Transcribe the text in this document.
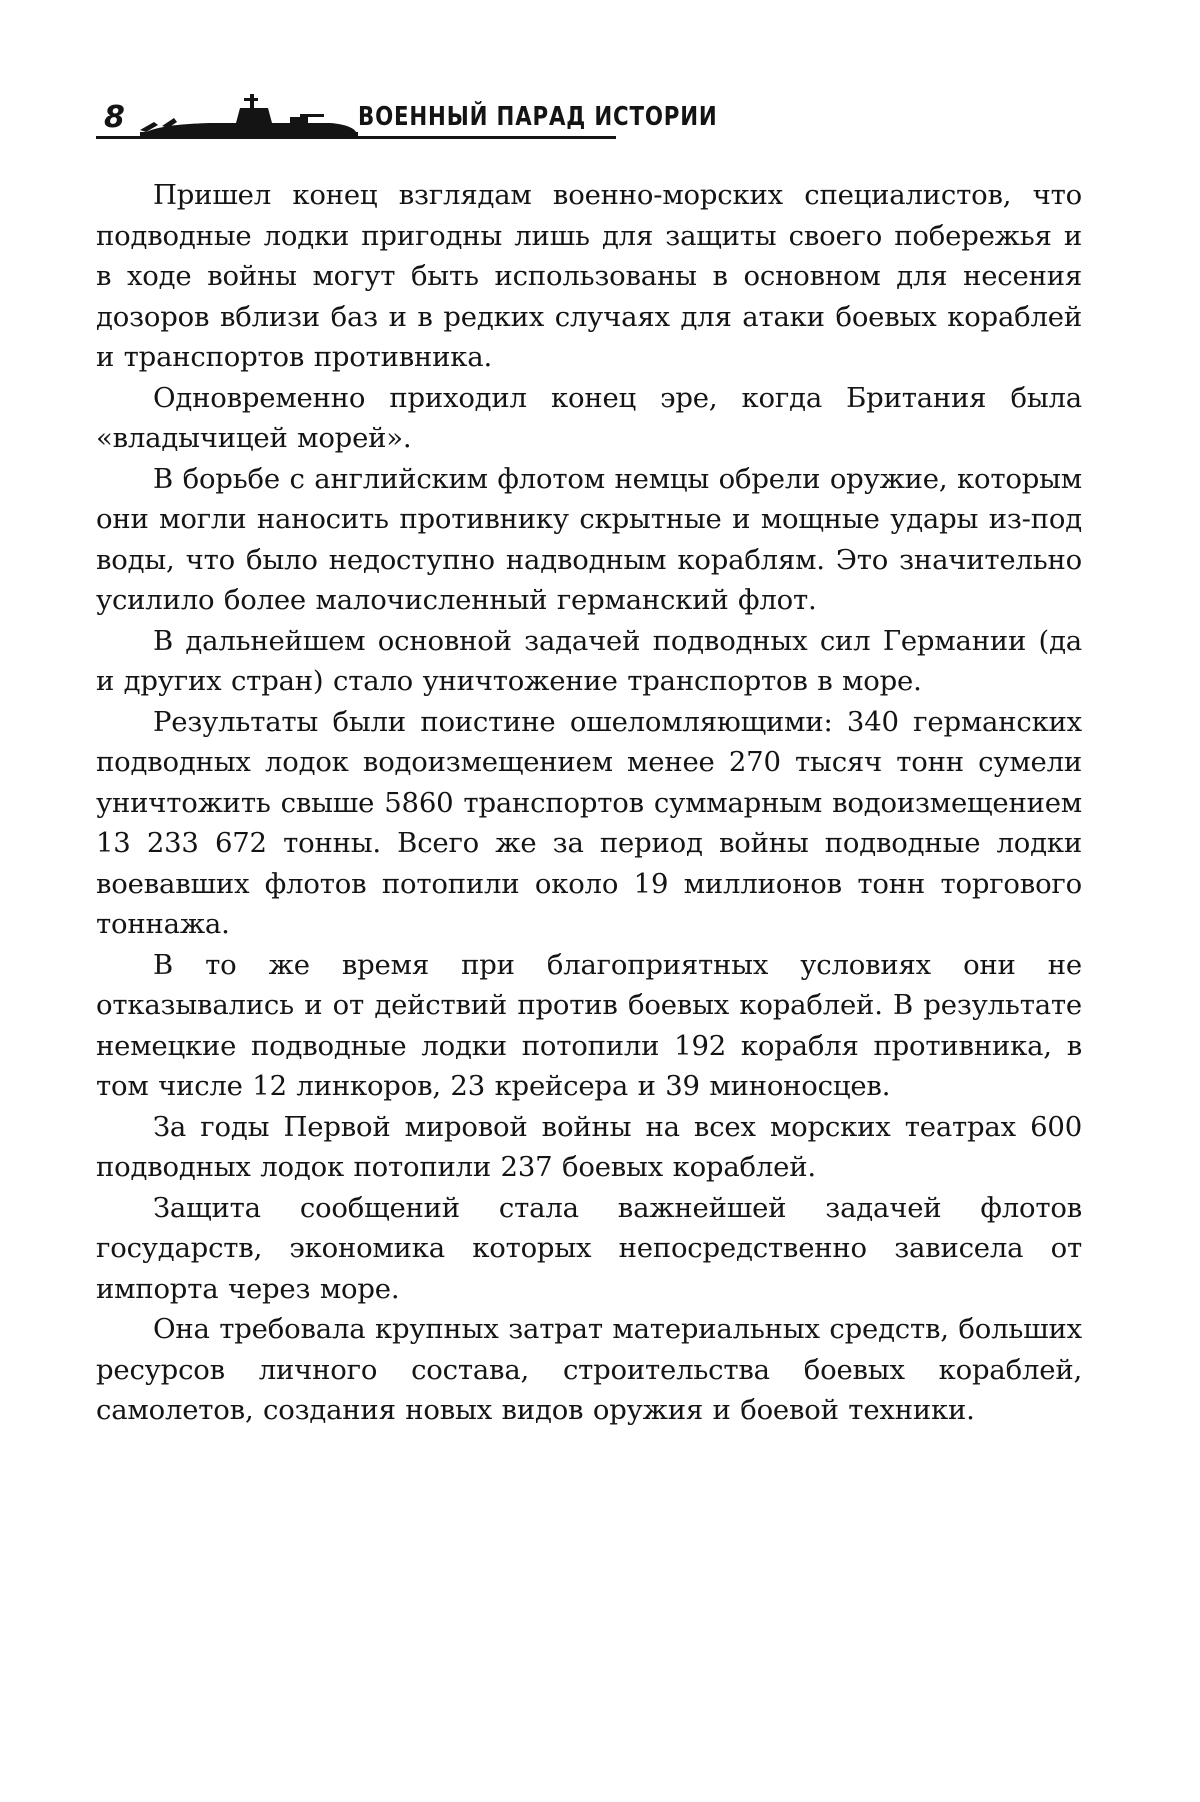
8	ВОЕННЫЙ ПАРАД ИСТОРИИ

Пришел конец взглядам военно-морских специалистов, что подводные лодки пригодны лишь для защиты своего побережья и в ходе войны могут быть использованы в основном для несения дозоров вблизи баз и в редких случаях для атаки боевых кораблей и транспортов противника.

Одновременно приходил конец эре, когда Британия была «владычицей морей».

В борьбе с английским флотом немцы обрели оружие, которым они могли наносить противнику скрытные и мощные удары из-под воды, что было недоступно надводным кораблям. Это значительно усилило более малочисленный германский флот.

В дальнейшем основной задачей подводных сил Германии (да и других стран) стало уничтожение транспортов в море.

Результаты были поистине ошеломляющими: 340 германских подводных лодок водоизмещением менее 270 тысяч тонн сумели уничтожить свыше 5860 транспортов суммарным водоизмещением 13 233 672 тонны. Всего же за период войны подводные лодки воевавших флотов потопили около 19 миллионов тонн торгового тоннажа.

В то же время при благоприятных условиях они не отказывались и от действий против боевых кораблей. В результате немецкие подводные лодки потопили 192 корабля противника, в том числе 12 линкоров, 23 крейсера и 39 миноносцев.

За годы Первой мировой войны на всех морских театрах 600 подводных лодок потопили 237 боевых кораблей.

Защита сообщений стала важнейшей задачей флотов государств, экономика которых непосредственно зависела от импорта через море.

Она требовала крупных затрат материальных средств, больших ресурсов личного состава, строительства боевых кораблей, самолетов, создания новых видов оружия и боевой техники.
